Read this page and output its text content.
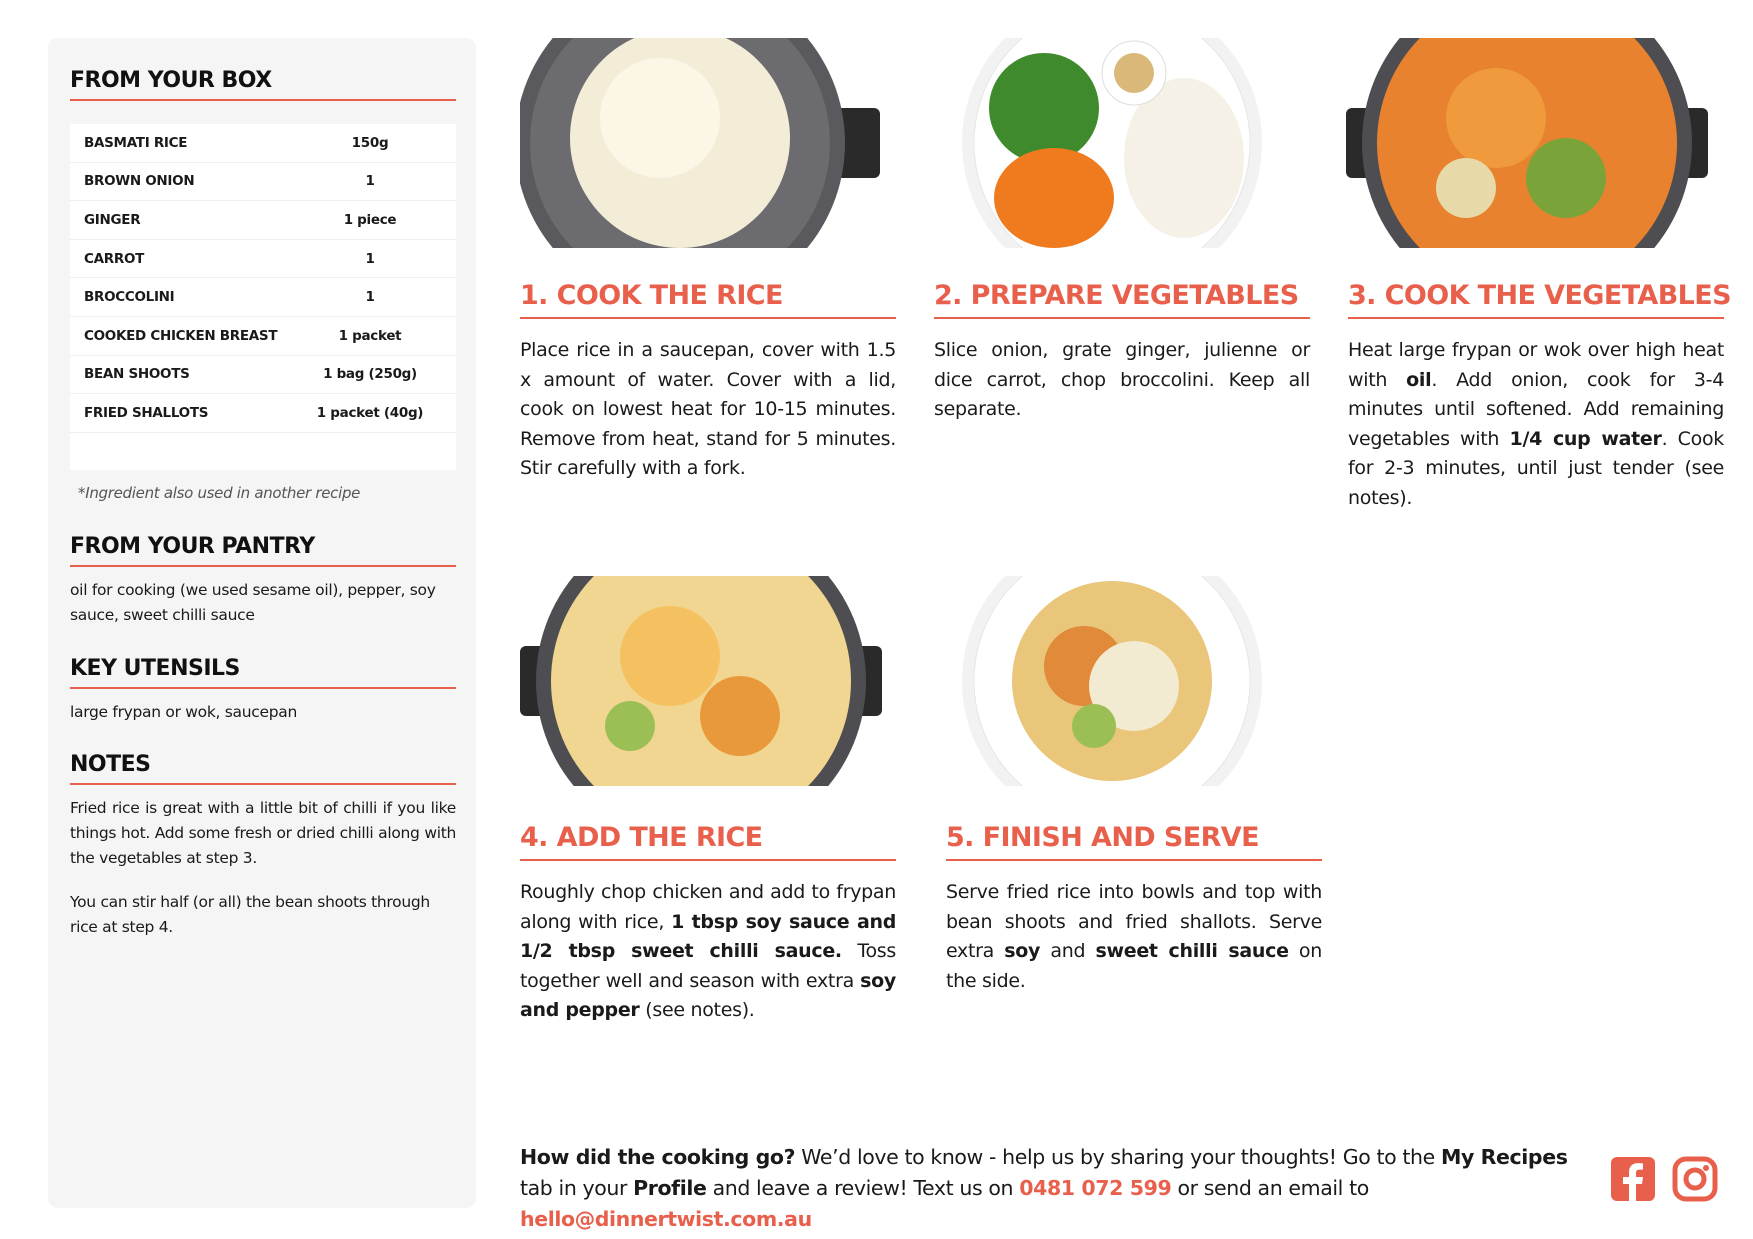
FROM YOUR BOX
BASMATI RICE	150g
BROWN ONION	1
GINGER	1 piece
CARROT	1
BROCCOLINI	1
COOKED CHICKEN BREAST	1 packet
BEAN SHOOTS	1 bag (250g)
FRIED SHALLOTS	1 packet (40g)
*Ingredient also used in another recipe
FROM YOUR PANTRY
oil for cooking (we used sesame oil), pepper, soy sauce, sweet chilli sauce
KEY UTENSILS
large frypan or wok, saucepan
NOTES
Fried rice is great with a little bit of chilli if you like things hot. Add some fresh or dried chilli along with the vegetables at step 3.
You can stir half (or all) the bean shoots through rice at step 4.
1. COOK THE RICE
Place rice in a saucepan, cover with 1.5 x amount of water. Cover with a lid, cook on lowest heat for 10-15 minutes. Remove from heat, stand for 5 minutes. Stir carefully with a fork.
2. PREPARE VEGETABLES
Slice onion, grate ginger, julienne or dice carrot, chop broccolini. Keep all separate.
3. COOK THE VEGETABLES
Heat large frypan or wok over high heat with oil. Add onion, cook for 3-4 minutes until softened. Add remaining vegetables with 1/4 cup water. Cook for 2-3 minutes, until just tender (see notes).
4. ADD THE RICE
Roughly chop chicken and add to frypan along with rice, 1 tbsp soy sauce and 1/2 tbsp sweet chilli sauce. Toss together well and season with extra soy and pepper (see notes).
5. FINISH AND SERVE
Serve fried rice into bowls and top with bean shoots and fried shallots. Serve extra soy and sweet chilli sauce on the side.
How did the cooking go? We’d love to know - help us by sharing your thoughts! Go to the My Recipes tab in your Profile and leave a review! Text us on 0481 072 599 or send an email to hello@dinnertwist.com.au
